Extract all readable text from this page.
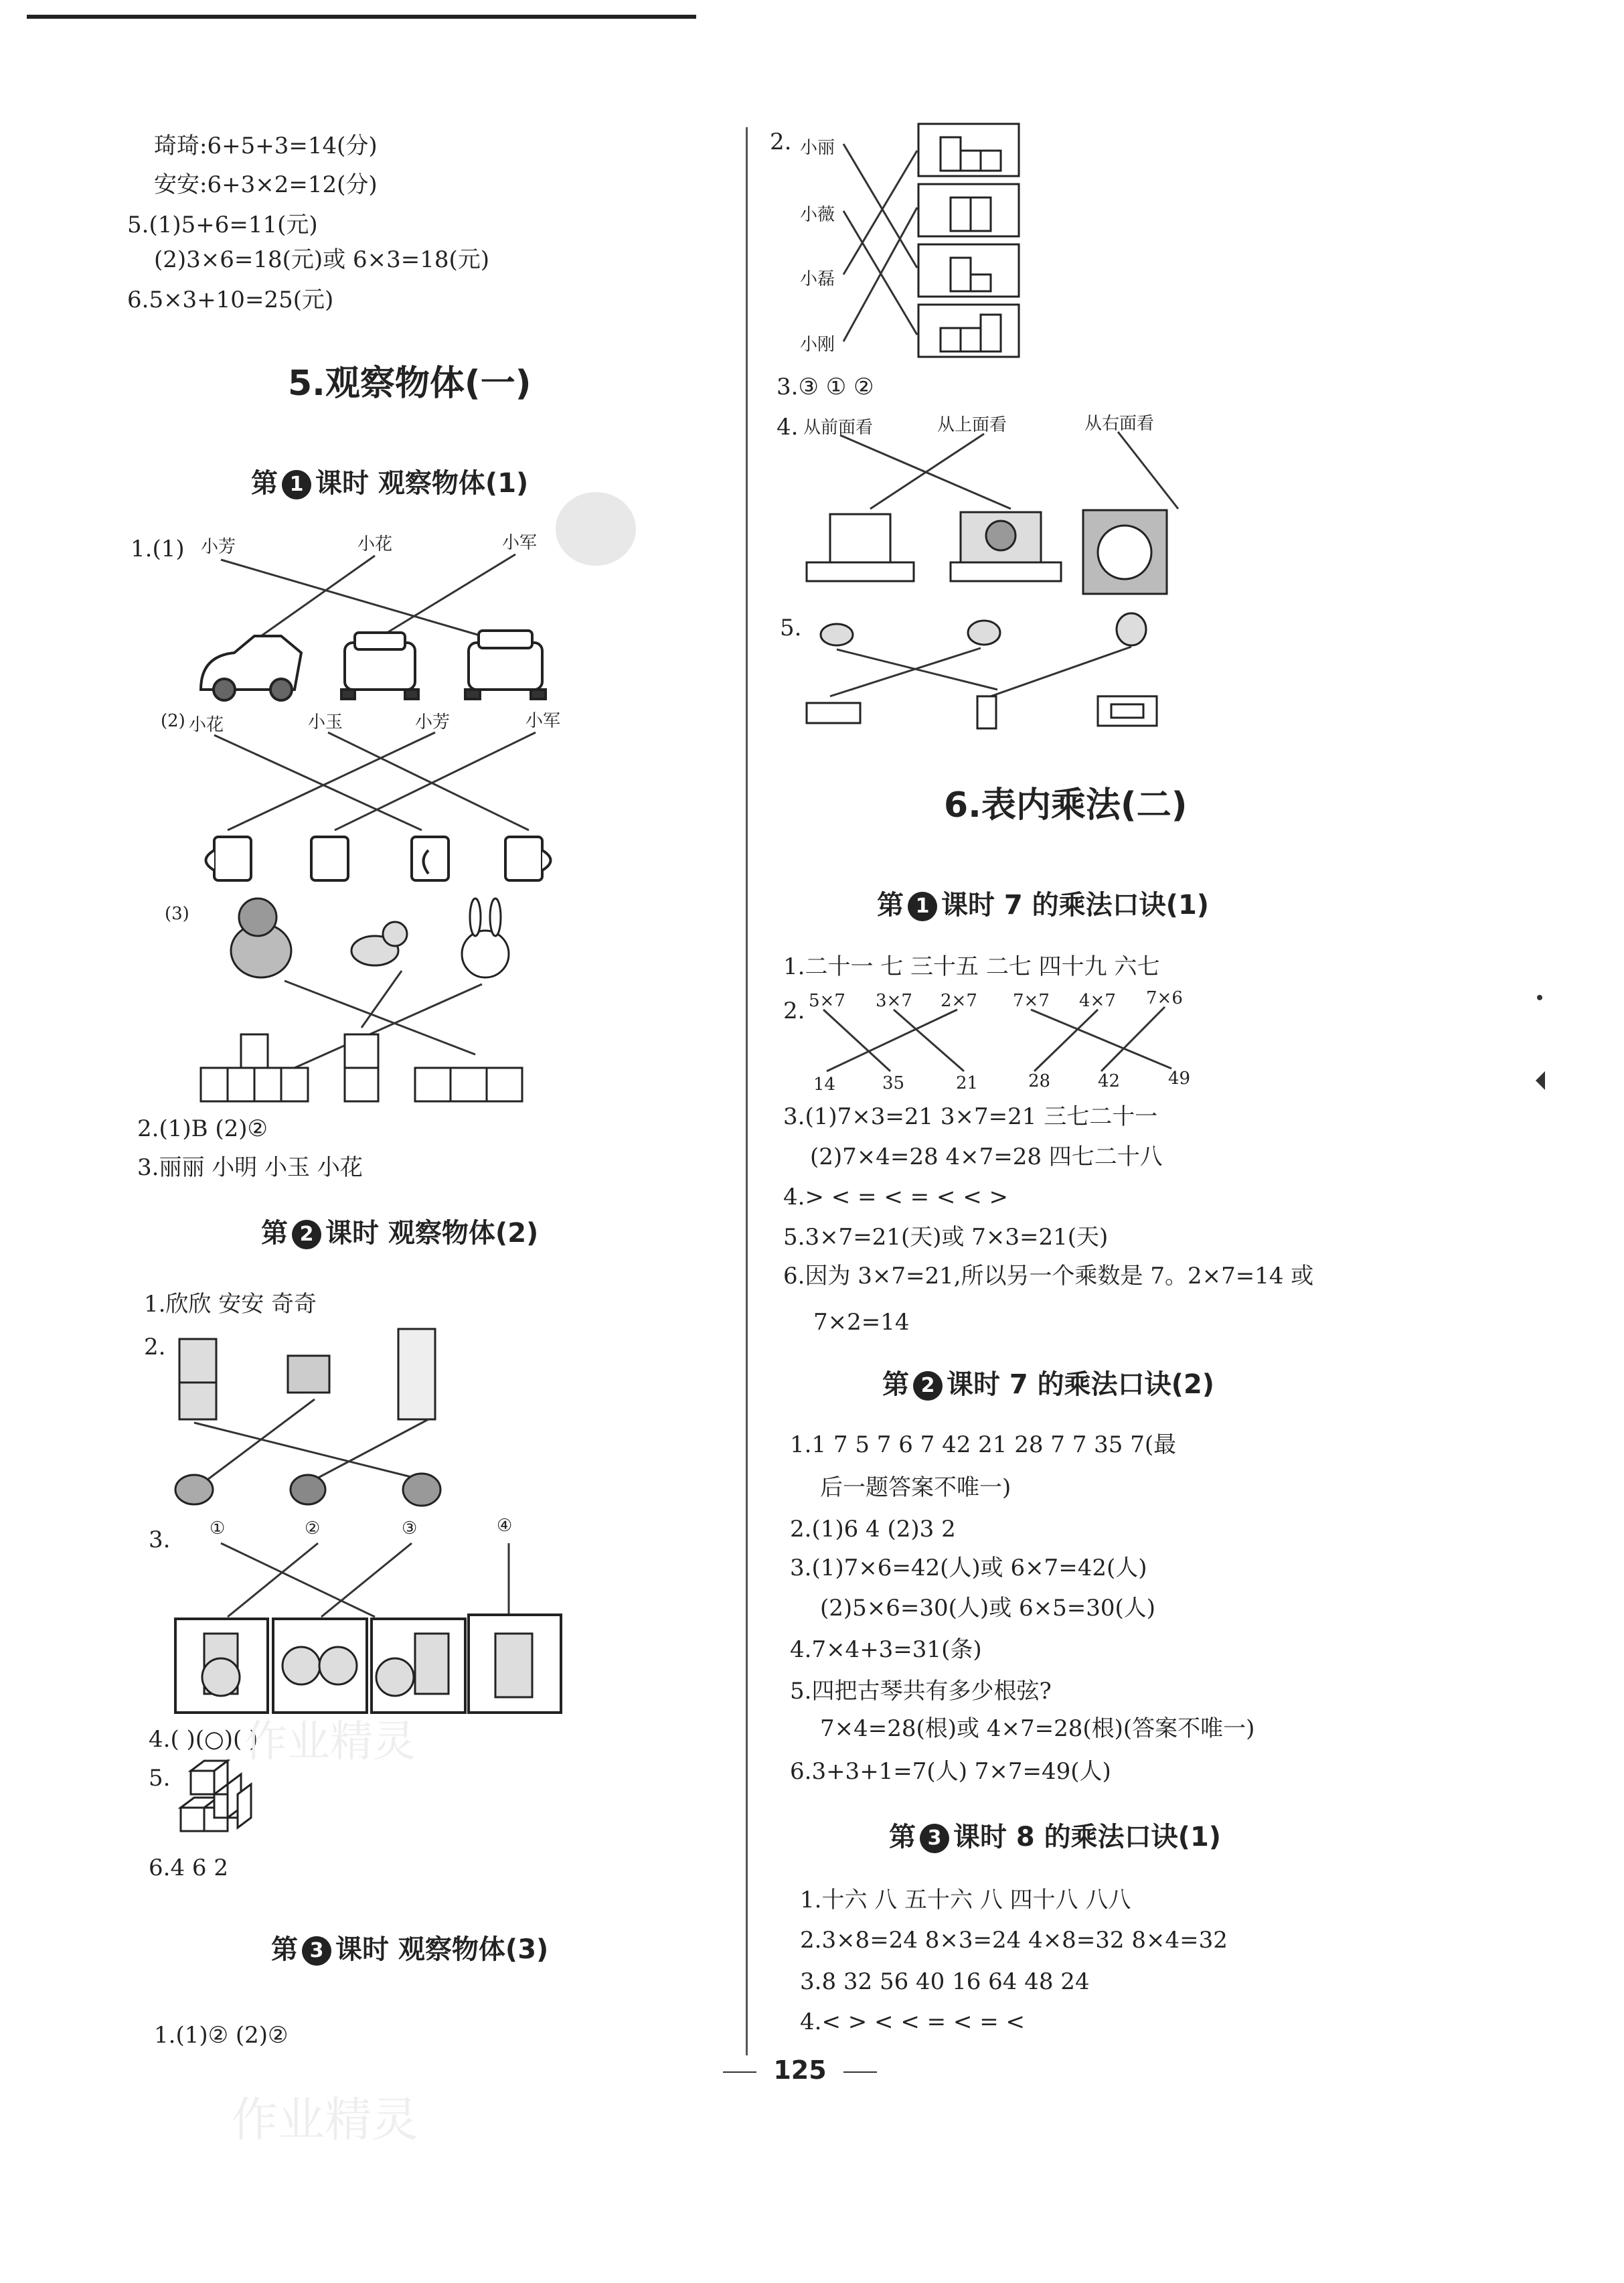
琦琦:6+5+3=14(分)
安安:6+3×2=12(分)
5.(1)5+6=11(元)
(2)3×6=18(元)或 6×3=18(元)
6.5×3+10=25(元)
5.观察物体(一)
第 1 课时 观察物体(1)
1.(1) 小芳	小花	小军
(2) 小花	小玉	小芳	小军
(3)
2.(1)B (2)②
3.丽丽 小明 小玉 小花
第 2 课时 观察物体(2)
1.欣欣 安安 奇奇
2.
3. ①	②	③	④
4.( )(○)( )
5.
6.4 6 2
第 3 课时 观察物体(3)
1.(1)② (2)②
作业精灵
作业精灵
2. 小丽
小薇
小磊
小刚
3.③ ① ②
4. 从前面看	从上面看	从右面看
5.
6.表内乘法(二)
第 1 课时 7 的乘法口诀(1)
1.二十一 七 三十五 二七 四十九 六七
2. 5×7 3×7 2×7 7×7 4×7 7×6
14	35	21	28	42	49
3.(1)7×3=21 3×7=21 三七二十一
(2)7×4=28 4×7=28 四七二十八
4.> < = < = < < >
5.3×7=21(天)或 7×3=21(天)
6.因为 3×7=21,所以另一个乘数是 7。2×7=14 或
7×2=14
第 2 课时 7 的乘法口诀(2)
1.1 7 5 7 6 7 42 21 28 7 7 35 7(最
后一题答案不唯一)
2.(1)6 4 (2)3 2
3.(1)7×6=42(人)或 6×7=42(人)
(2)5×6=30(人)或 6×5=30(人)
4.7×4+3=31(条)
5.四把古琴共有多少根弦?
7×4=28(根)或 4×7=28(根)(答案不唯一)
6.3+3+1=7(人) 7×7=49(人)
第 3 课时 8 的乘法口诀(1)
1.十六 八 五十六 八 四十八 八八
2.3×8=24 8×3=24 4×8=32 8×4=32
3.8 32 56 40 16 64 48 24
4.< > < < = < = <
125
